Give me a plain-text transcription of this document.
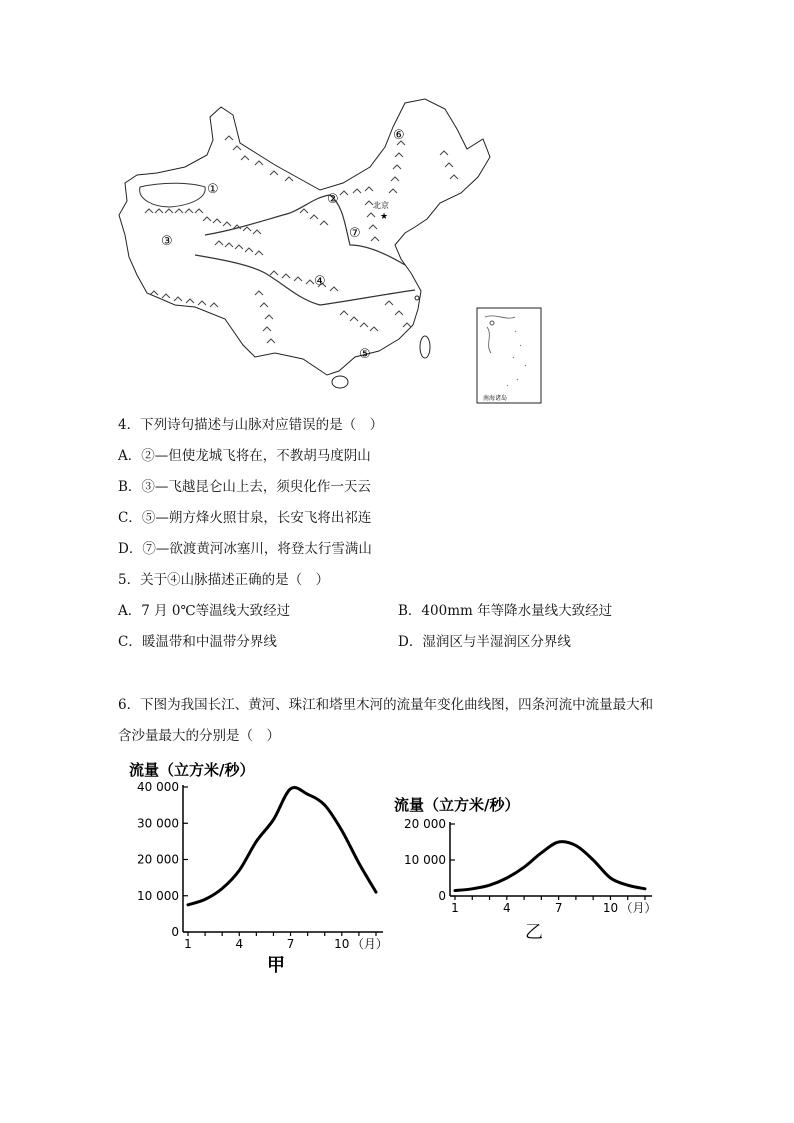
①
②
③
④
⑤
⑥
⑦
北京
★
南海诸岛
4．下列诗句描述与山脉对应错误的是（　）
A．②—但使龙城飞将在，不教胡马度阴山
B．③—飞越昆仑山上去，须臾化作一天云
C．⑤—朔方烽火照甘泉，长安飞将出祁连
D．⑦—欲渡黄河冰塞川，将登太行雪满山
5．关于④山脉描述正确的是（　）
A．7 月 0℃等温线大致经过	B．400mm 年等降水量线大致经过
C．暖温带和中温带分界线	D．湿润区与半湿润区分界线
6．下图为我国长江、黄河、珠江和塔里木河的流量年变化曲线图，四条河流中流量最大和
含沙量最大的分别是（　）
流量（立方米/秒）
40 000
30 000
20 000
10 000
0
1	4	7	10 （月）
甲
流量（立方米/秒）
20 000
10 000
0
1	4	7	10 （月）
乙
